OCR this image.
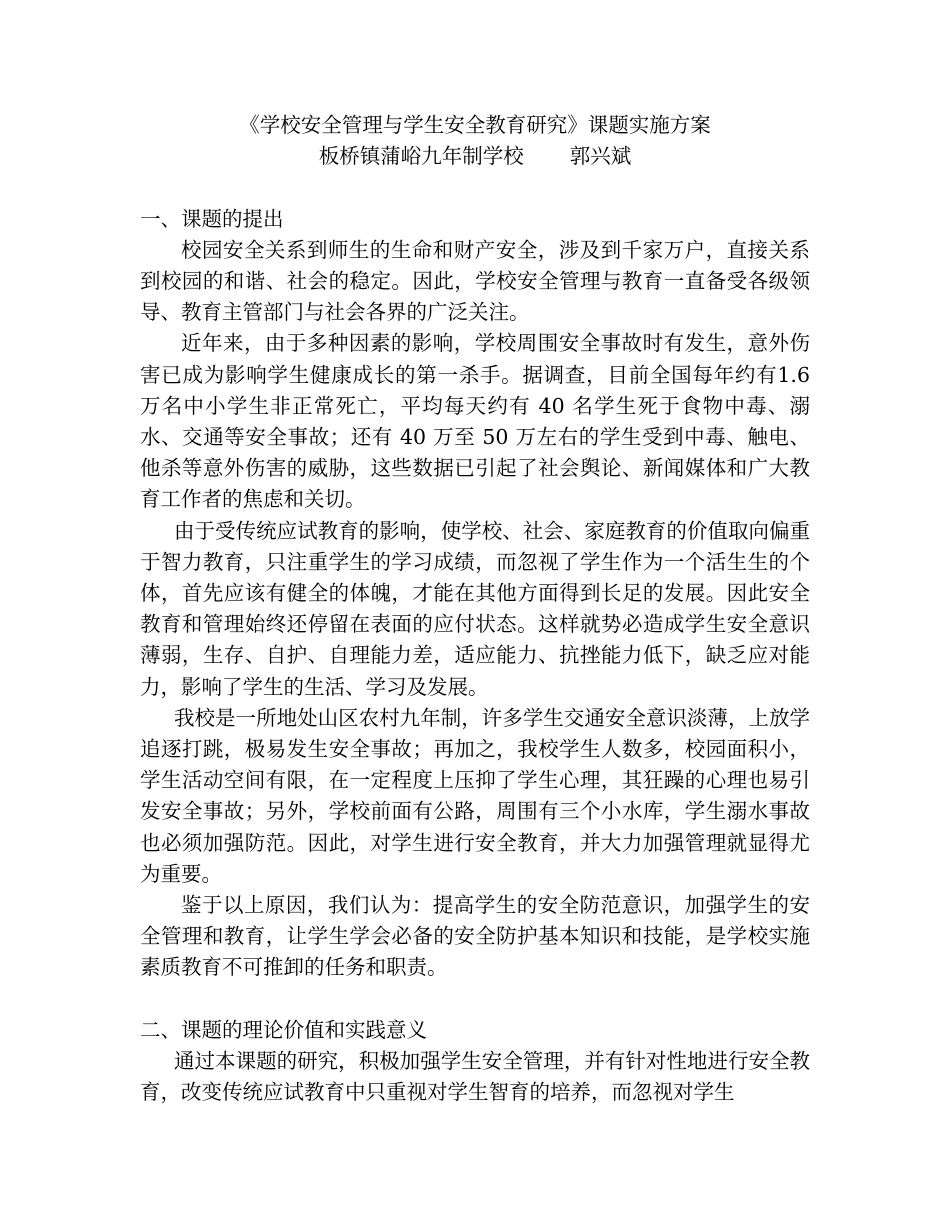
《学校安全管理与学生安全教育研究》课题实施方案

板桥镇蒲峪九年制学校 郭兴斌

一、课题的提出

校园安全关系到师生的生命和财产安全，涉及到千家万户，直接关系到校园的和谐、社会的稳定。因此，学校安全管理与教育一直备受各级领导、教育主管部门与社会各界的广泛关注。

近年来，由于多种因素的影响，学校周围安全事故时有发生，意外伤害已成为影响学生健康成长的第一杀手。据调查，目前全国每年约有1.6 万名中小学生非正常死亡，平均每天约有 40 名学生死于食物中毒、溺水、交通等安全事故；还有 40 万至 50 万左右的学生受到中毒、触电、他杀等意外伤害的威胁，这些数据已引起了社会舆论、新闻媒体和广大教育工作者的焦虑和关切。

由于受传统应试教育的影响，使学校、社会、家庭教育的价值取向偏重于智力教育，只注重学生的学习成绩，而忽视了学生作为一个活生生的个体，首先应该有健全的体魄，才能在其他方面得到长足的发展。因此安全教育和管理始终还停留在表面的应付状态。这样就势必造成学生安全意识薄弱，生存、自护、自理能力差，适应能力、抗挫能力低下，缺乏应对能力，影响了学生的生活、学习及发展。

我校是一所地处山区农村九年制，许多学生交通安全意识淡薄，上放学追逐打跳，极易发生安全事故；再加之，我校学生人数多，校园面积小，学生活动空间有限，在一定程度上压抑了学生心理，其狂躁的心理也易引发安全事故；另外，学校前面有公路，周围有三个小水库，学生溺水事故也必须加强防范。因此，对学生进行安全教育，并大力加强管理就显得尤为重要。

鉴于以上原因，我们认为：提高学生的安全防范意识，加强学生的安全管理和教育，让学生学会必备的安全防护基本知识和技能，是学校实施素质教育不可推卸的任务和职责。

二、课题的理论价值和实践意义

通过本课题的研究，积极加强学生安全管理，并有针对性地进行安全教育，改变传统应试教育中只重视对学生智育的培养，而忽视对学生
